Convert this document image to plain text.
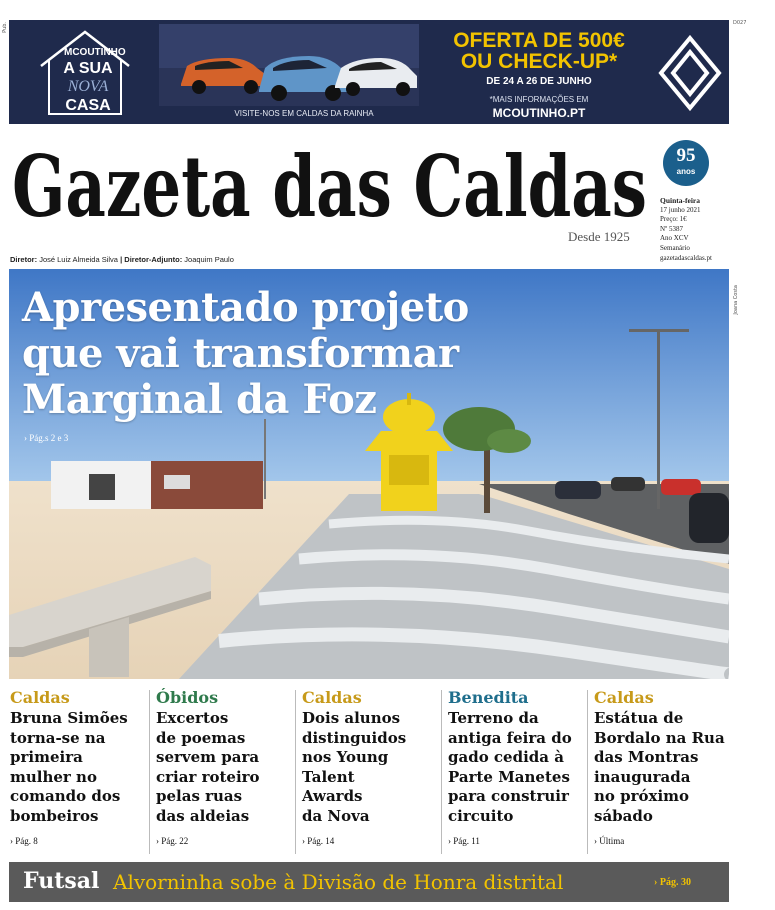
Pub.	D027
MCOUTINHO
A SUA
NOVA
CASA	VISITE-NOS EM CALDAS DA RAINHA
OFERTA DE 500€
OU CHECK-UP*
DE 24 A 26 DE JUNHO
*MAIS INFORMAÇÕES EM
MCOUTINHO.PT
Gazeta das Caldas
Desde 1925
95
anos
Quinta-feira
17 junho 2021
Preço: 1€
Nº 5387
Ano XCV
Semanário
gazetadascaldas.pt
Diretor: José Luiz Almeida Silva | Diretor-Adjunto: Joaquim Paulo
Apresentado projeto
que vai transformar
Marginal da Foz
› Pág.s 2 e 3
Joana Costa
Caldas
Bruna Simões
torna-se na
primeira
mulher no
comando dos
bombeiros
› Pág. 8
Óbidos
Excertos
de poemas
servem para
criar roteiro
pelas ruas
das aldeias
› Pág. 22
Caldas
Dois alunos
distinguidos
nos Young
Talent
Awards
da Nova
› Pág. 14
Benedita
Terreno da
antiga feira do
gado cedida à
Parte Manetes
para construir
circuito
› Pág. 11
Caldas
Estátua de
Bordalo na Rua
das Montras
inaugurada
no próximo
sábado
› Última
Futsal Alvorninha sobe à Divisão de Honra distrital	› Pág. 30
